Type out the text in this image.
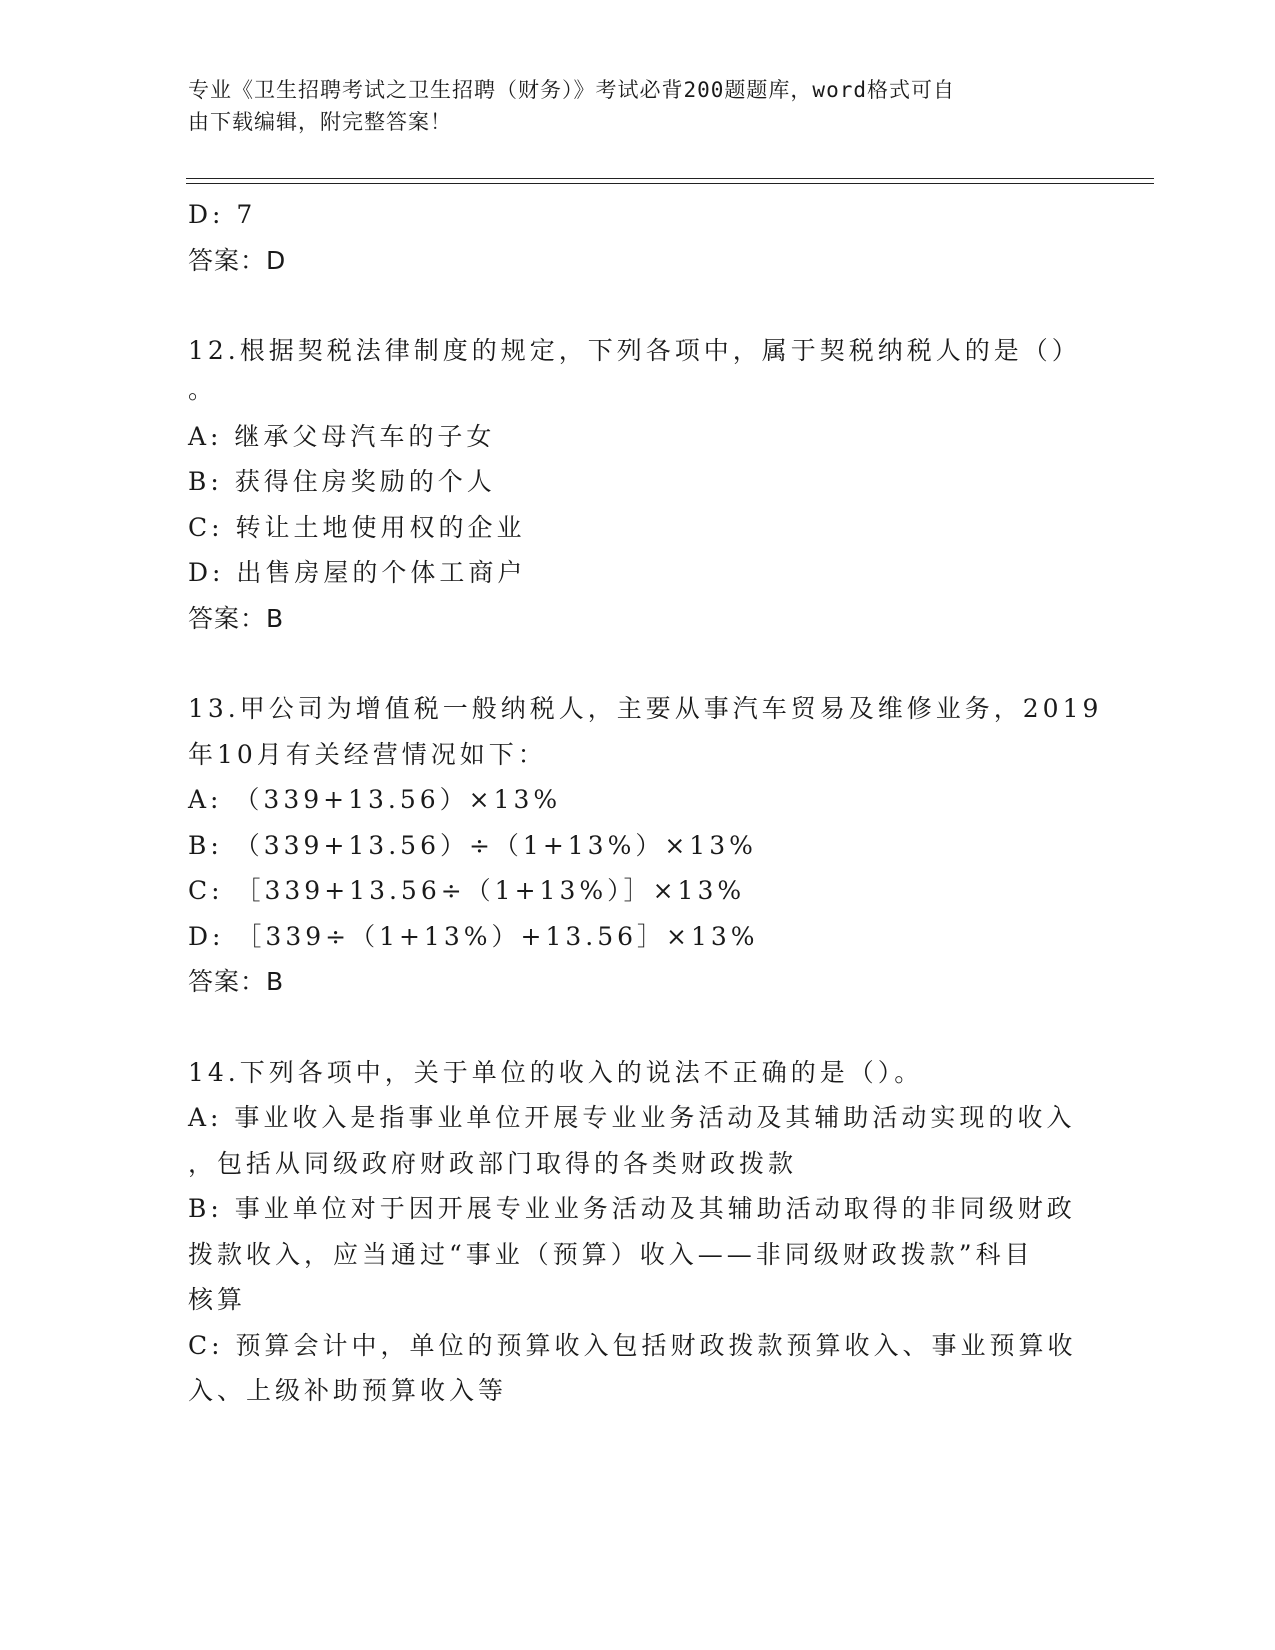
专业《卫生招聘考试之卫生招聘（财务）》考试必背200题题库，word格式可自
由下载编辑，附完整答案！
D: 7
答案：D
12.根据契税法律制度的规定，下列各项中，属于契税纳税人的是（）
。
A: 继承父母汽车的子女
B: 获得住房奖励的个人
C: 转让土地使用权的企业
D: 出售房屋的个体工商户
答案：B
13.甲公司为增值税一般纳税人，主要从事汽车贸易及维修业务，2019
年10月有关经营情况如下：
A: （339+13.56）×13%
B: （339+13.56）÷（1+13%）×13%
C: ［339+13.56÷（1+13%）］×13%
D: ［339÷（1+13%）+13.56］×13%
答案：B
14.下列各项中，关于单位的收入的说法不正确的是（）。
A: 事业收入是指事业单位开展专业业务活动及其辅助活动实现的收入
，包括从同级政府财政部门取得的各类财政拨款
B: 事业单位对于因开展专业业务活动及其辅助活动取得的非同级财政
拨款收入，应当通过“事业（预算）收入——非同级财政拨款”科目
核算
C: 预算会计中，单位的预算收入包括财政拨款预算收入、事业预算收
入、上级补助预算收入等
